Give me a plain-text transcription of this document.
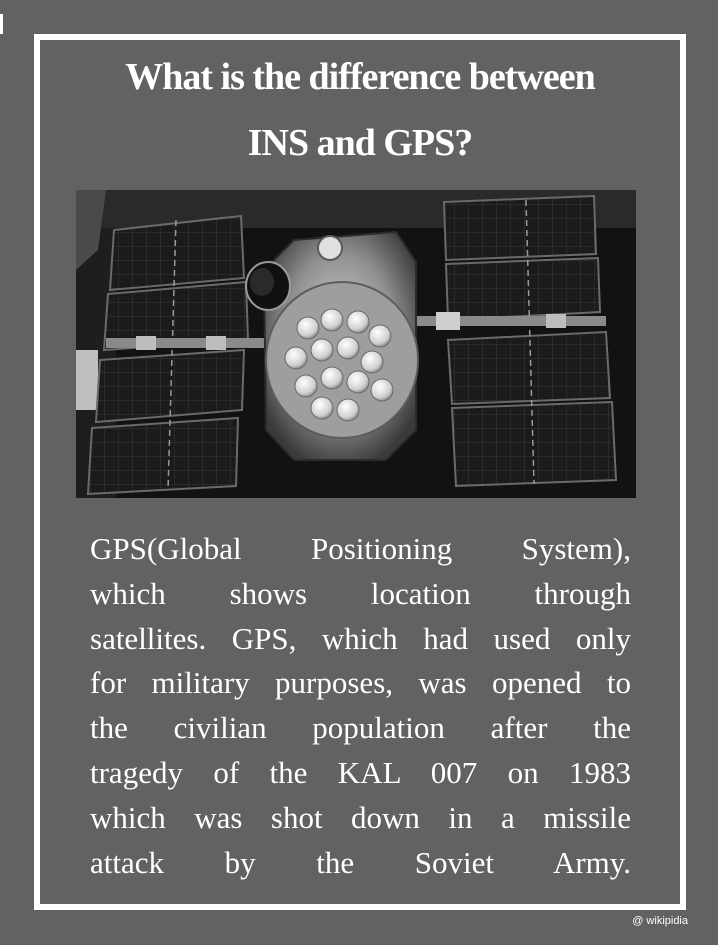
What is the difference between
INS and GPS?

GPS(Global Positioning System),
which shows location through
satellites. GPS, which had used only
for military purposes, was opened to
the civilian population after the
tragedy of the KAL 007 on 1983
which was shot down in a missile
attack by the Soviet Army.

@ wikipidia
